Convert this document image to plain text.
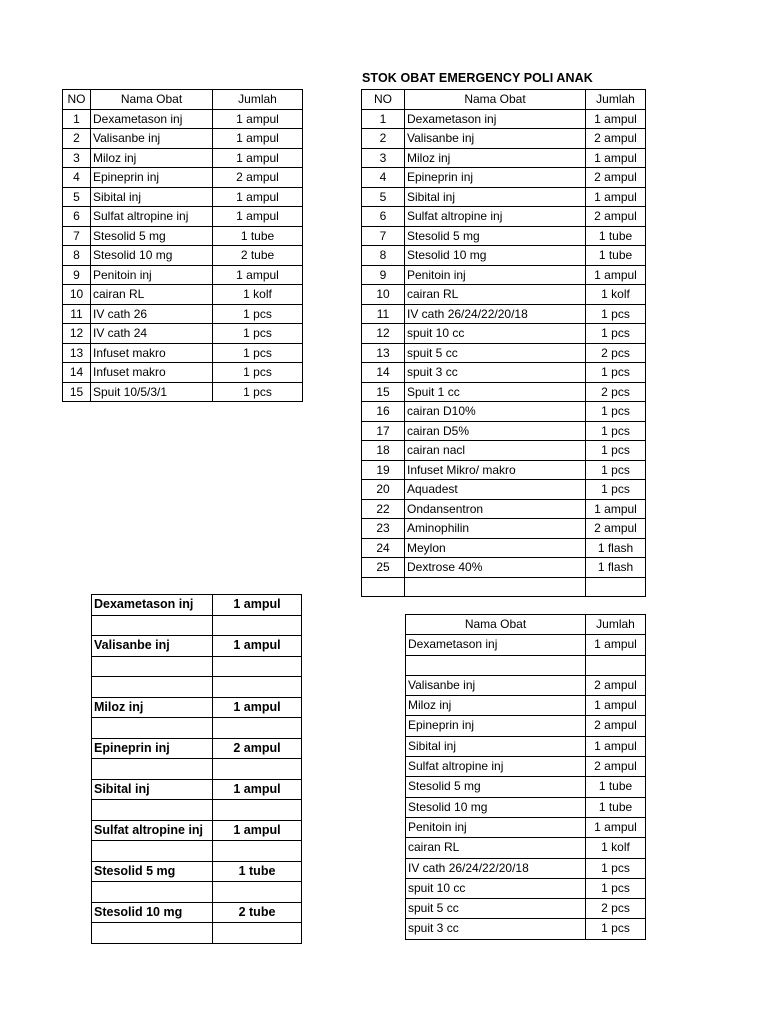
STOK OBAT EMERGENCY POLI ANAK
NO	Nama Obat	Jumlah
1	Dexametason inj	1 ampul
2	Valisanbe inj	1 ampul
3	Miloz inj	1 ampul
4	Epineprin inj	2 ampul
5	Sibital inj	1 ampul
6	Sulfat altropine inj	1 ampul
7	Stesolid 5 mg	1 tube
8	Stesolid 10 mg	2 tube
9	Penitoin inj	1 ampul
10	cairan RL	1 kolf
11	IV cath 26	1 pcs
12	IV cath 24	1 pcs
13	Infuset makro	1 pcs
14	Infuset makro	1 pcs
15	Spuit 10/5/3/1	1 pcs
NO	Nama Obat	Jumlah
1	Dexametason inj	1 ampul
2	Valisanbe inj	2 ampul
3	Miloz inj	1 ampul
4	Epineprin inj	2 ampul
5	Sibital inj	1 ampul
6	Sulfat altropine inj	2 ampul
7	Stesolid 5 mg	1 tube
8	Stesolid 10 mg	1 tube
9	Penitoin inj	1 ampul
10	cairan RL	1 kolf
11	IV cath 26/24/22/20/18	1 pcs
12	spuit 10 cc	1 pcs
13	spuit 5 cc	2 pcs
14	spuit 3 cc	1 pcs
15	Spuit 1 cc	2 pcs
16	cairan D10%	1 pcs
17	cairan D5%	1 pcs
18	cairan nacl	1 pcs
19	Infuset Mikro/ makro	1 pcs
20	Aquadest	1 pcs
22	Ondansentron	1 ampul
23	Aminophilin	2 ampul
24	Meylon	1 flash
25	Dextrose 40%	1 flash

Dexametason inj	1 ampul

Valisanbe inj	1 ampul

Miloz inj	1 ampul

Epineprin inj	2 ampul

Sibital inj	1 ampul

Sulfat altropine inj	1 ampul

Stesolid 5 mg	1 tube

Stesolid 10 mg	2 tube

Nama Obat	Jumlah
Dexametason inj	1 ampul

Valisanbe inj	2 ampul
Miloz inj	1 ampul
Epineprin inj	2 ampul
Sibital inj	1 ampul
Sulfat altropine inj	2 ampul
Stesolid 5 mg	1 tube
Stesolid 10 mg	1 tube
Penitoin inj	1 ampul
cairan RL	1 kolf
IV cath 26/24/22/20/18	1 pcs
spuit 10 cc	1 pcs
spuit 5 cc	2 pcs
spuit 3 cc	1 pcs
